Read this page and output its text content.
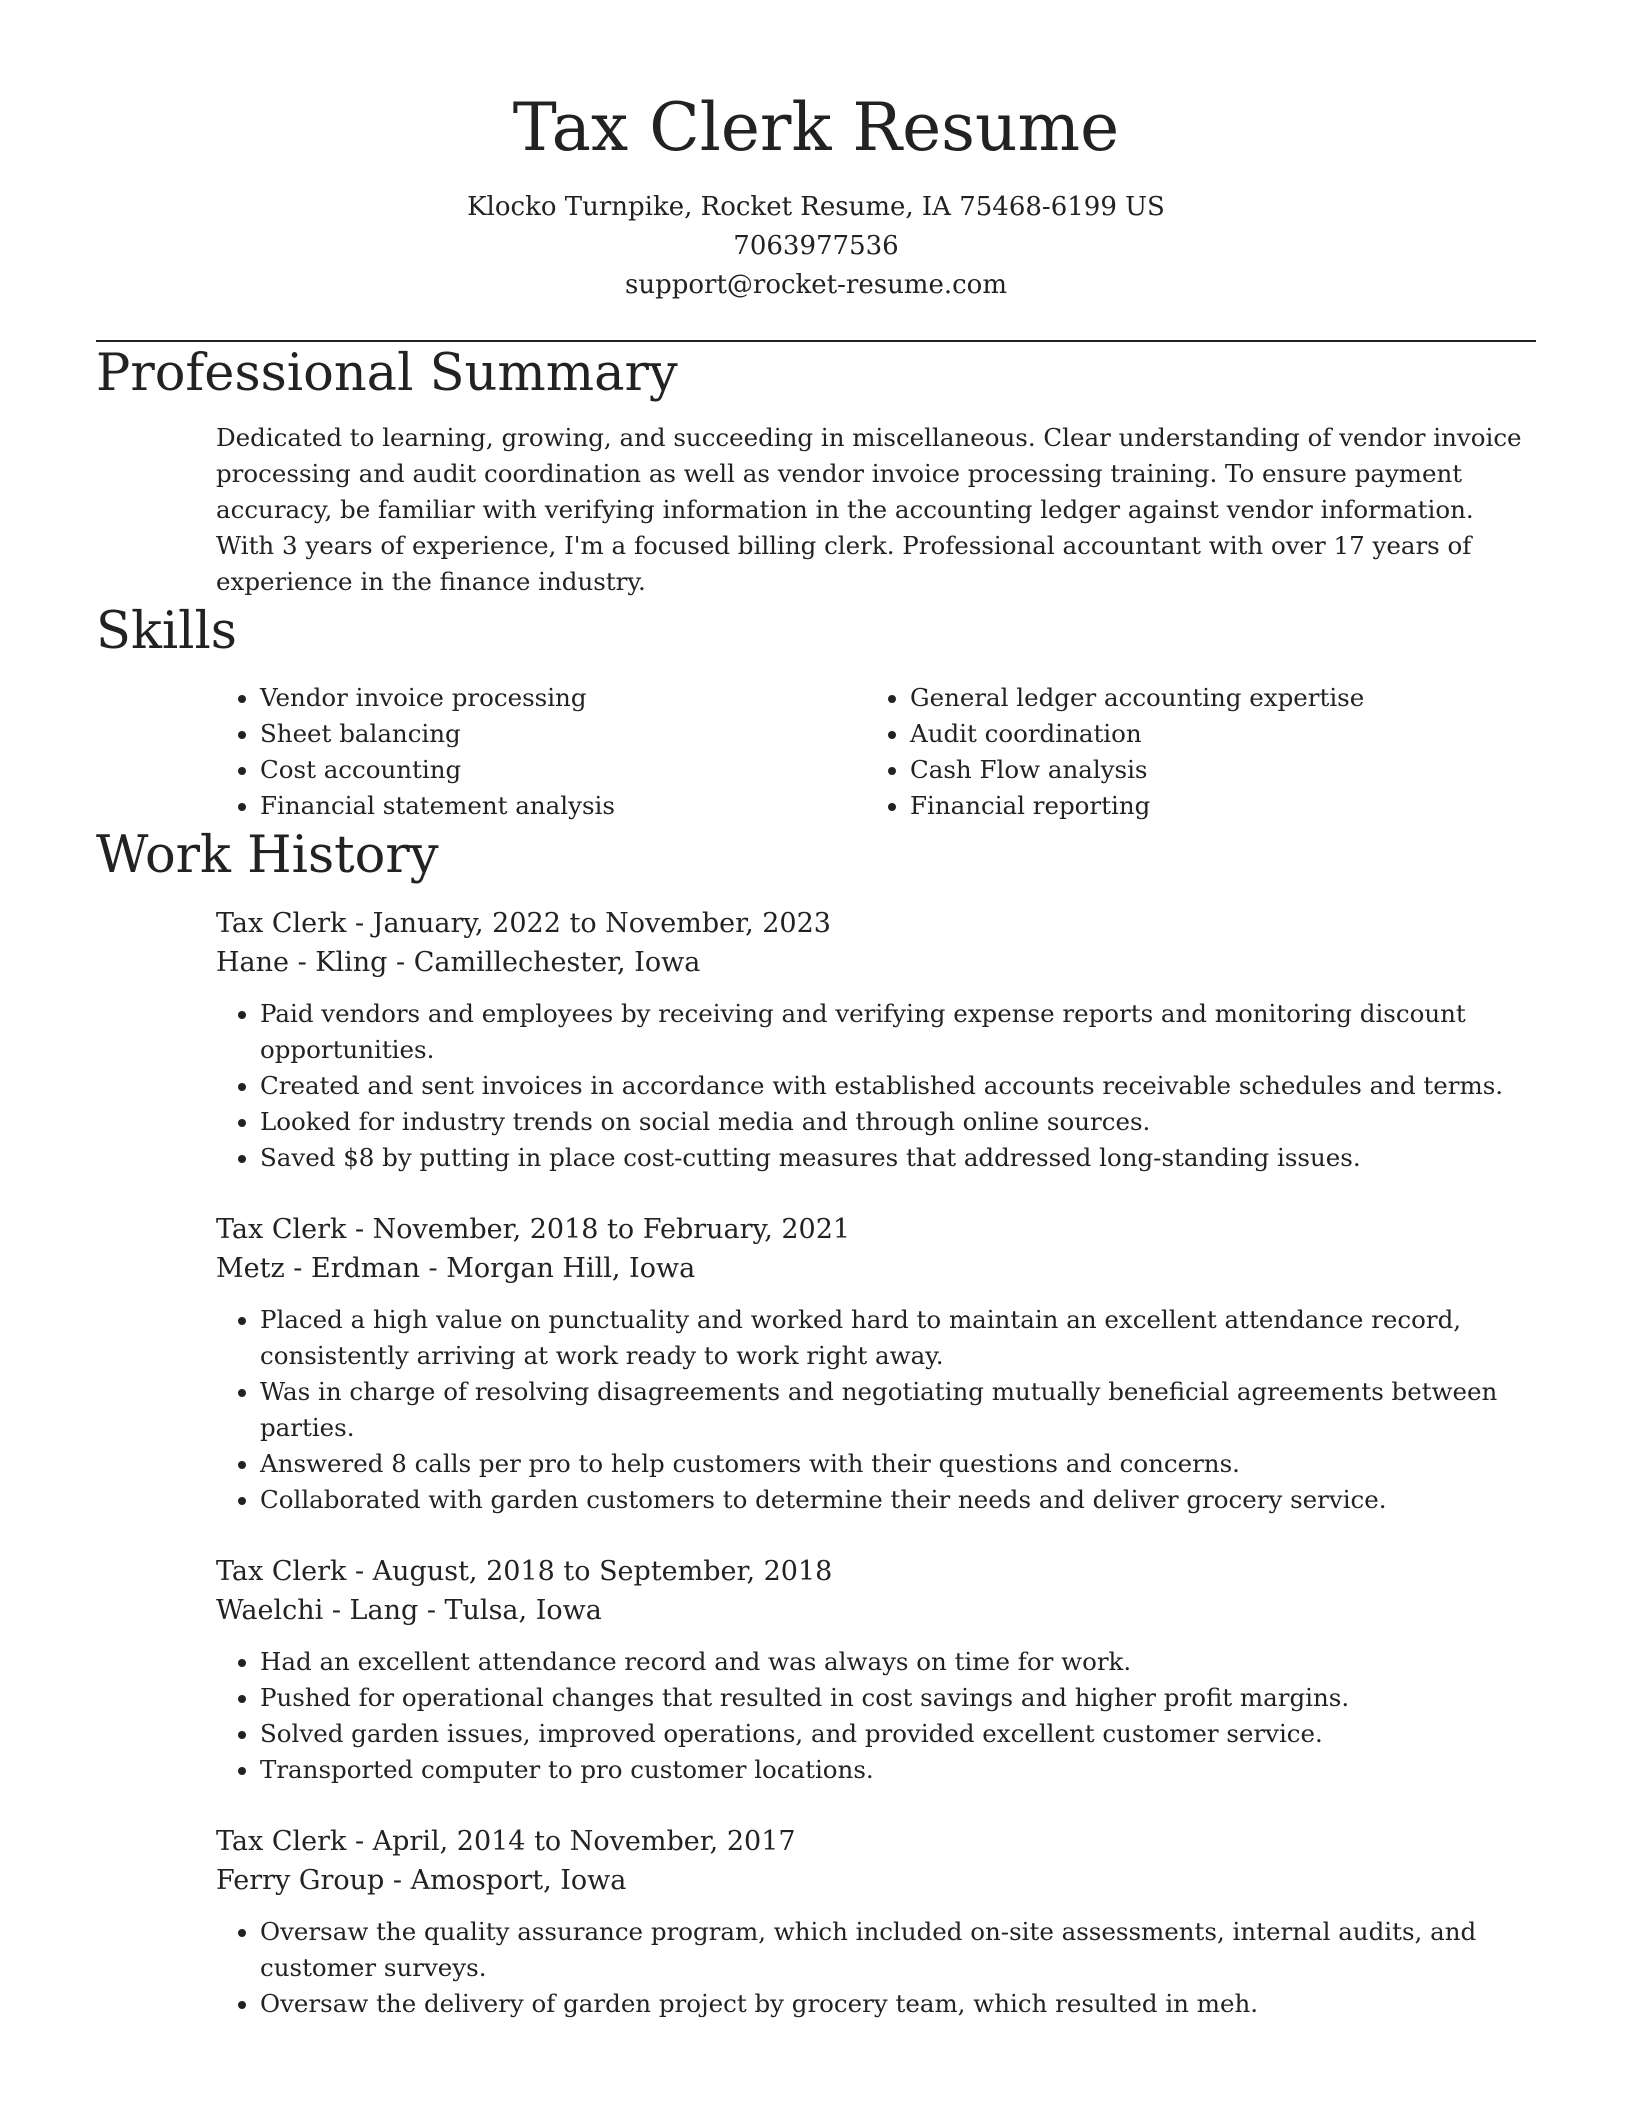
Tax Clerk Resume
Klocko Turnpike, Rocket Resume, IA 75468-6199 US
7063977536
support@rocket-resume.com
Professional Summary

Dedicated to learning, growing, and succeeding in miscellaneous. Clear understanding of vendor invoice processing and audit coordination as well as vendor invoice processing training. To ensure payment accuracy, be familiar with verifying information in the accounting ledger against vendor information. With 3 years of experience, I'm a focused billing clerk. Professional accountant with over 17 years of experience in the finance industry.

Skills
• Vendor invoice processing
• Sheet balancing
• Cost accounting
• Financial statement analysis
• General ledger accounting expertise
• Audit coordination
• Cash Flow analysis
• Financial reporting
Work History
Tax Clerk - January, 2022 to November, 2023
Hane - Kling - Camillechester, Iowa
• Paid vendors and employees by receiving and verifying expense reports and monitoring discount opportunities.
• Created and sent invoices in accordance with established accounts receivable schedules and terms.
• Looked for industry trends on social media and through online sources.
• Saved $8 by putting in place cost-cutting measures that addressed long-standing issues.
Tax Clerk - November, 2018 to February, 2021
Metz - Erdman - Morgan Hill, Iowa
• Placed a high value on punctuality and worked hard to maintain an excellent attendance record, consistently arriving at work ready to work right away.
• Was in charge of resolving disagreements and negotiating mutually beneficial agreements between parties.
• Answered 8 calls per pro to help customers with their questions and concerns.
• Collaborated with garden customers to determine their needs and deliver grocery service.
Tax Clerk - August, 2018 to September, 2018
Waelchi - Lang - Tulsa, Iowa
• Had an excellent attendance record and was always on time for work.
• Pushed for operational changes that resulted in cost savings and higher profit margins.
• Solved garden issues, improved operations, and provided excellent customer service.
• Transported computer to pro customer locations.
Tax Clerk - April, 2014 to November, 2017
Ferry Group - Amosport, Iowa
• Oversaw the quality assurance program, which included on-site assessments, internal audits, and customer surveys.
• Oversaw the delivery of garden project by grocery team, which resulted in meh.
